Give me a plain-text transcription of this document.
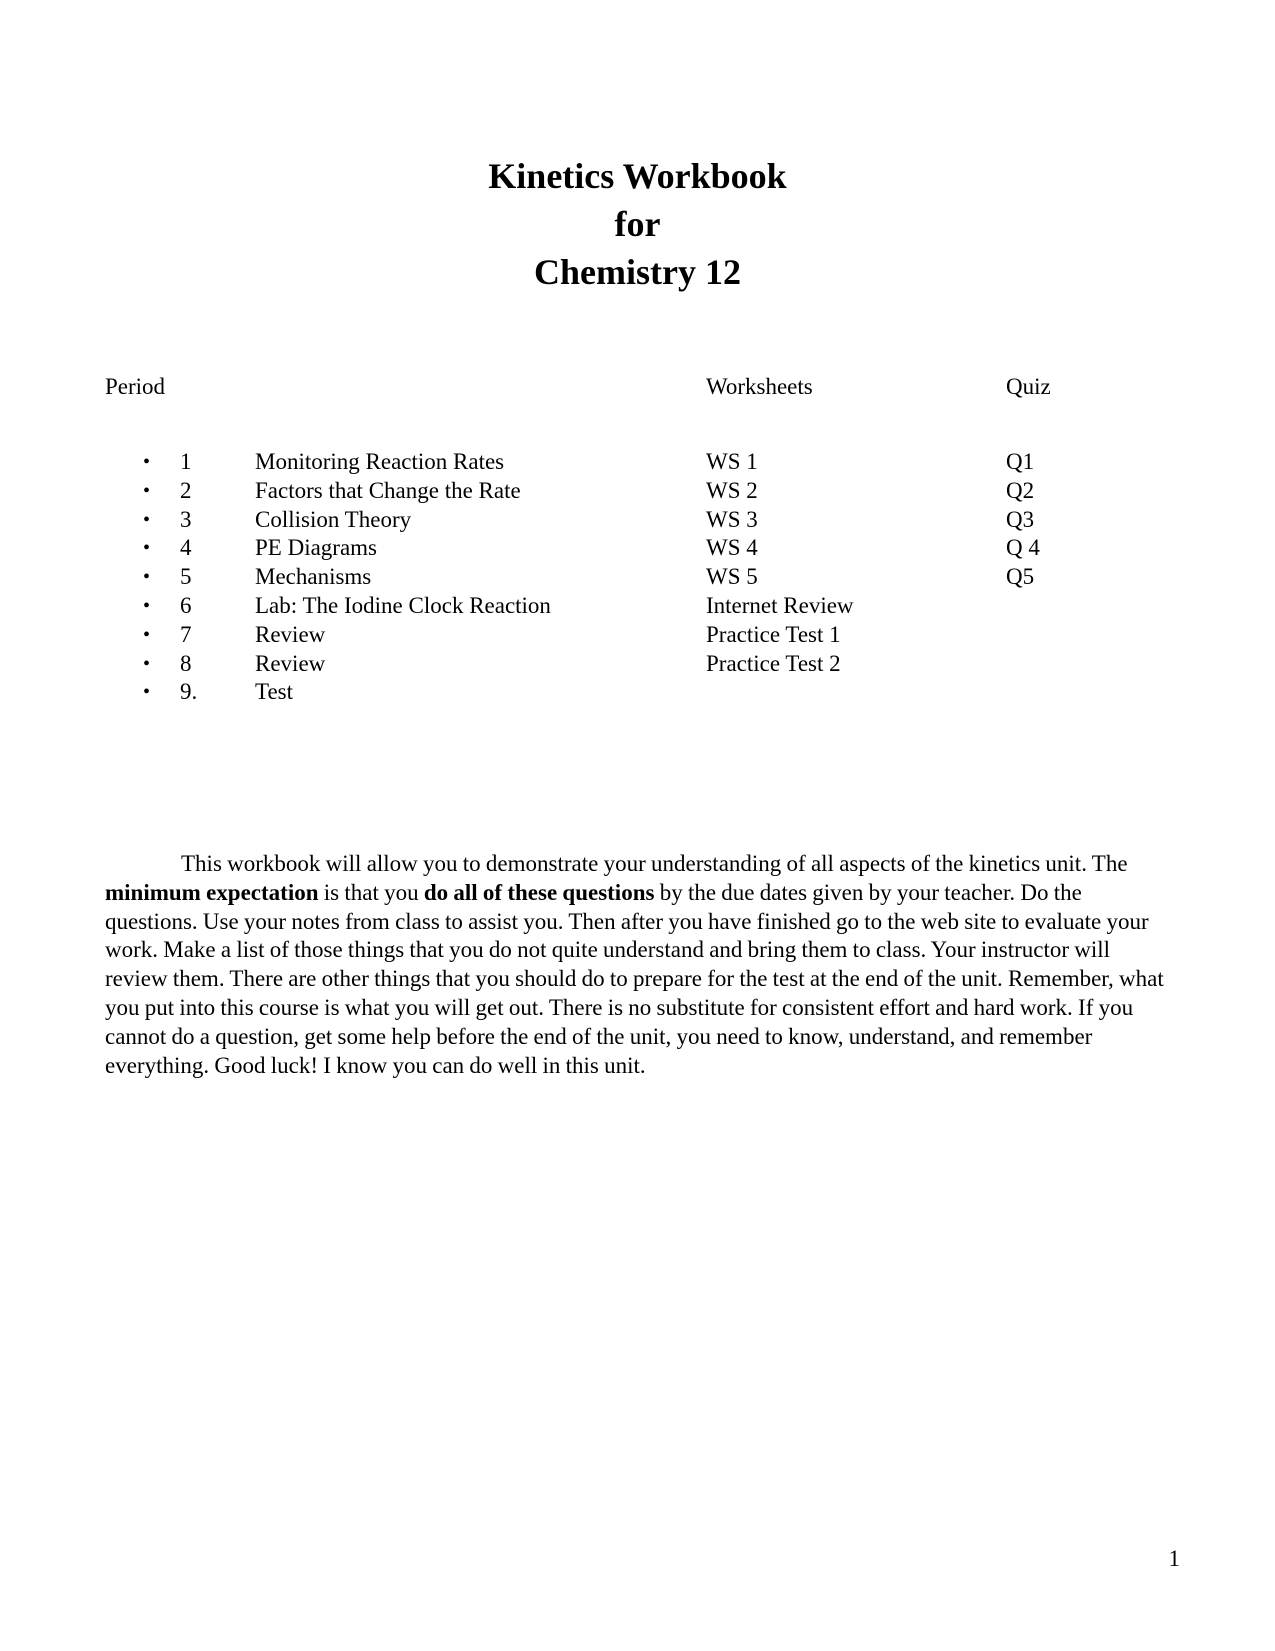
Kinetics Workbook
for
Chemistry 12
Period	Worksheets	Quiz
• 1	Monitoring Reaction Rates	WS 1	Q1
• 2	Factors that Change the Rate	WS 2	Q2
• 3	Collision Theory	WS 3	Q3
• 4	PE Diagrams	WS 4	Q 4
• 5	Mechanisms	WS 5	Q5
• 6	Lab: The Iodine Clock Reaction	Internet Review
• 7	Review	Practice Test 1
• 8	Review	Practice Test 2
• 9.	Test

This workbook will allow you to demonstrate your understanding of all aspects of the kinetics unit. The minimum expectation is that you do all of these questions by the due dates given by your teacher. Do the questions. Use your notes from class to assist you. Then after you have finished go to the web site to evaluate your work. Make a list of those things that you do not quite understand and bring them to class. Your instructor will review them. There are other things that you should do to prepare for the test at the end of the unit. Remember, what you put into this course is what you will get out. There is no substitute for consistent effort and hard work. If you cannot do a question, get some help before the end of the unit, you need to know, understand, and remember everything. Good luck! I know you can do well in this unit.

1
